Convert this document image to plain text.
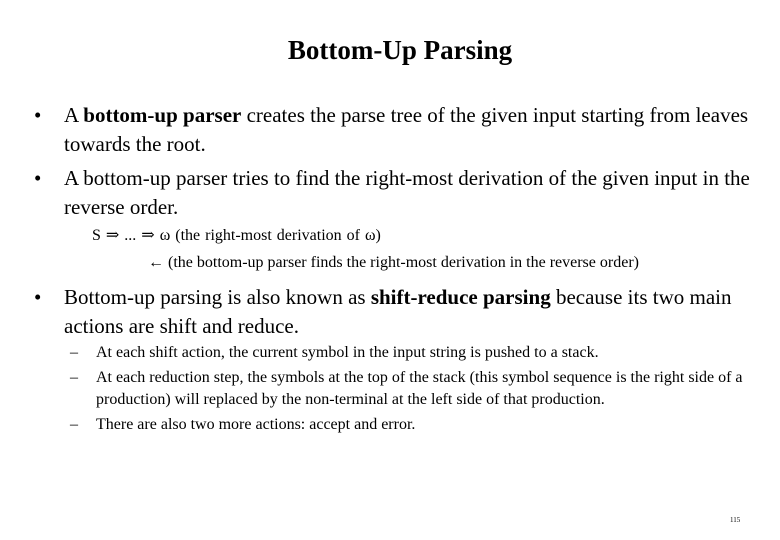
Bottom-Up Parsing
• A bottom-up parser creates the parse tree of the given input starting from leaves towards the root.
• A bottom-up parser tries to find the right-most derivation of the given input in the reverse order.
S ⇒ ... ⇒ ω (the right-most derivation of ω)
← (the bottom-up parser finds the right-most derivation in the reverse order)
• Bottom-up parsing is also known as shift-reduce parsing because its two main actions are shift and reduce.
– At each shift action, the current symbol in the input string is pushed to a stack.
– At each reduction step, the symbols at the top of the stack (this symbol sequence is the right side of a production) will replaced by the non-terminal at the left side of that production.
– There are also two more actions: accept and error.
115
